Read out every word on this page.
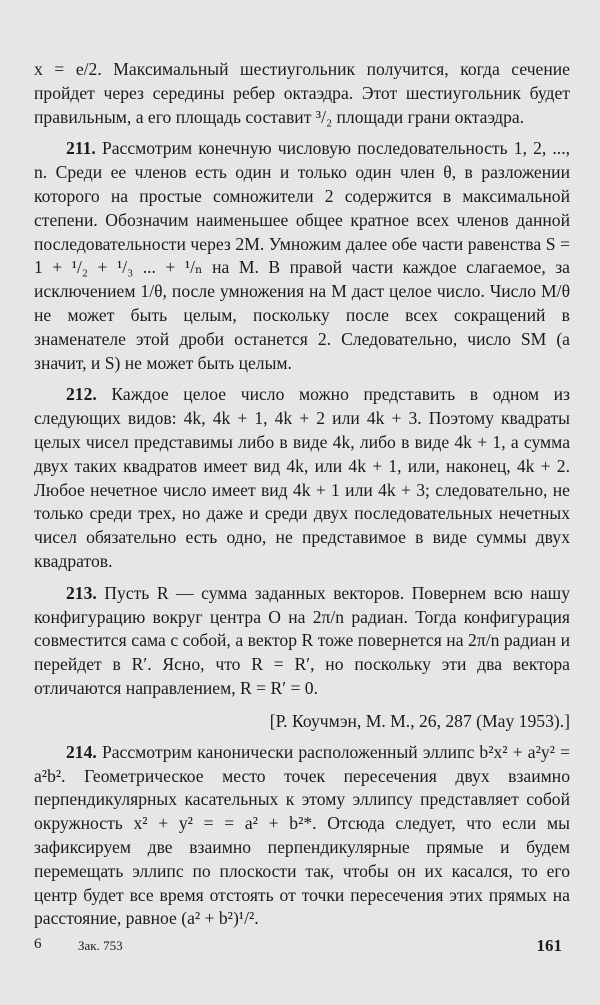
x = e/2. Максимальный шестиугольник получится, когда сечение пройдет через середины ребер октаэдра. Этот шестиугольник будет правильным, а его площадь составит ³/₂ площади грани октаэдра.

211. Рассмотрим конечную числовую последовательность 1, 2, ..., n. Среди ее членов есть один и только один член θ, в разложении которого на простые сомножители 2 содержится в максимальной степени. Обозначим наименьшее общее кратное всех членов данной последовательности через 2M. Умножим далее обе части равенства S = 1 + ¹/₂ + ¹/₃ ... + ¹/ₙ на M. В правой части каждое слагаемое, за исключением 1/θ, после умножения на M даст целое число. Число M/θ не может быть целым, поскольку после всех сокращений в знаменателе этой дроби останется 2. Следовательно, число SM (а значит, и S) не может быть целым.

212. Каждое целое число можно представить в одном из следующих видов: 4k, 4k + 1, 4k + 2 или 4k + 3. Поэтому квадраты целых чисел представимы либо в виде 4k, либо в виде 4k + 1, а сумма двух таких квадратов имеет вид 4k, или 4k + 1, или, наконец, 4k + 2. Любое нечетное число имеет вид 4k + 1 или 4k + 3; следовательно, не только среди трех, но даже и среди двух последовательных нечетных чисел обязательно есть одно, не представимое в виде суммы двух квадратов.

213. Пусть R — сумма заданных векторов. Повернем всю нашу конфигурацию вокруг центра O на 2π/n радиан. Тогда конфигурация совместится сама с собой, а вектор R тоже повернется на 2π/n радиан и перейдет в R′. Ясно, что R = R′, но поскольку эти два вектора отличаются направлением, R = R′ = 0.

[Р. Коучмэн, М. М., 26, 287 (May 1953).]

214. Рассмотрим канонически расположенный эллипс b²x² + a²y² = a²b². Геометрическое место точек пересечения двух взаимно перпендикулярных касательных к этому эллипсу представляет собой окружность x² + y² = = a² + b²*. Отсюда следует, что если мы зафиксируем две взаимно перпендикулярные прямые и будем перемещать эллипс по плоскости так, чтобы он их касался, то его центр будет все время отстоять от точки пересечения этих прямых на расстояние, равное (a² + b²)¹/².

6	Зак. 753	161
